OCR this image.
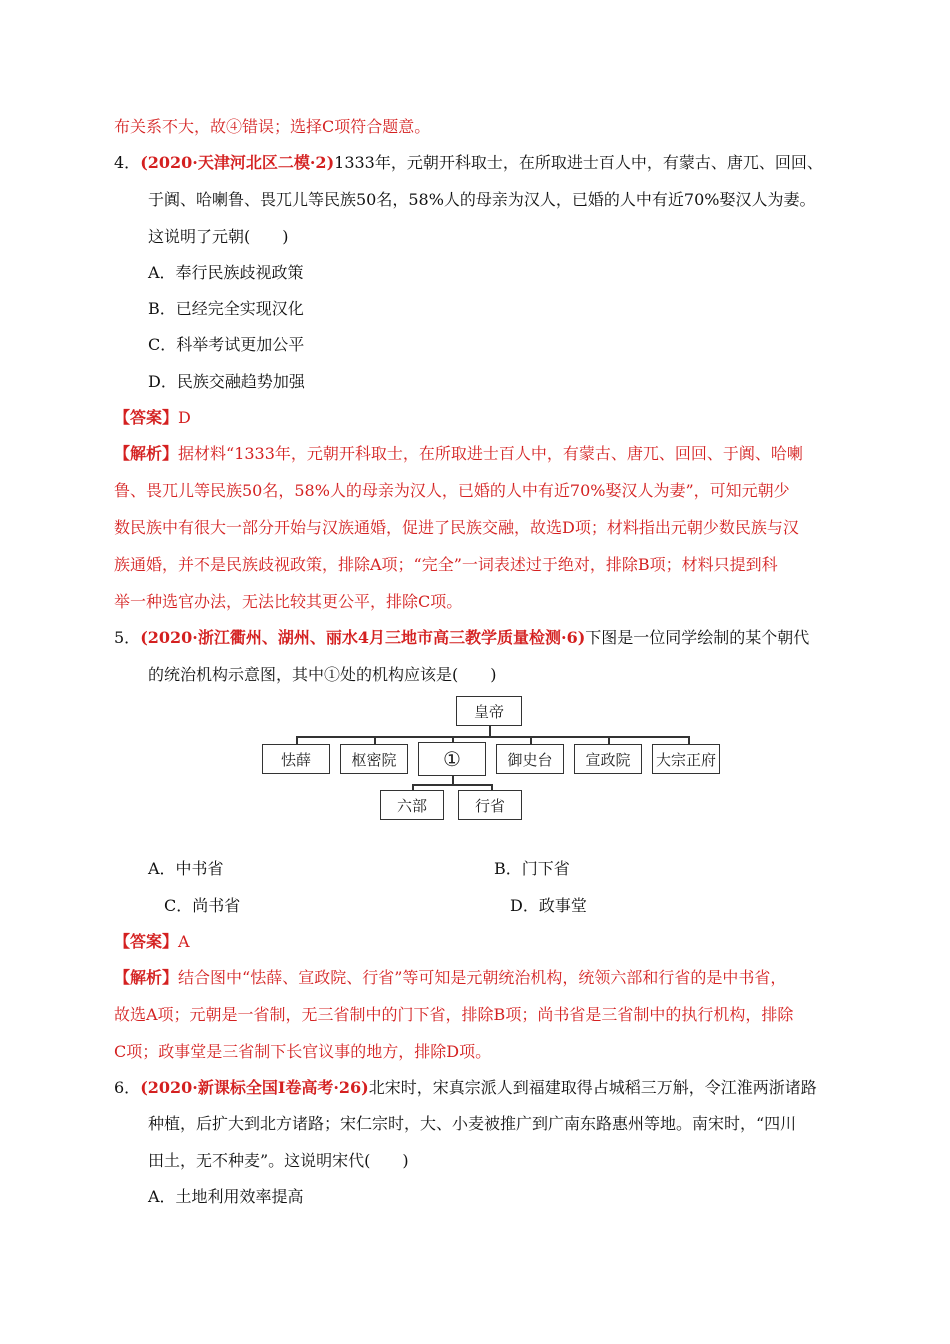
布关系不大，故④错误；选择C项符合题意。
4．(2020·天津河北区二模·2)1333年，元朝开科取士，在所取进士百人中，有蒙古、唐兀、回回、
于阗、哈喇鲁、畏兀儿等民族50名，58%人的母亲为汉人，已婚的人中有近70%娶汉人为妻。
这说明了元朝(　　)
A．奉行民族歧视政策
B．已经完全实现汉化
C．科举考试更加公平
D．民族交融趋势加强
【答案】D
【解析】据材料“1333年，元朝开科取士，在所取进士百人中，有蒙古、唐兀、回回、于阗、哈喇
鲁、畏兀儿等民族50名，58%人的母亲为汉人，已婚的人中有近70%娶汉人为妻”，可知元朝少
数民族中有很大一部分开始与汉族通婚，促进了民族交融，故选D项；材料指出元朝少数民族与汉
族通婚，并不是民族歧视政策，排除A项；“完全”一词表述过于绝对，排除B项；材料只提到科
举一种选官办法，无法比较其更公平，排除C项。
5．(2020·浙江衢州、湖州、丽水4月三地市高三教学质量检测·6)下图是一位同学绘制的某个朝代
的统治机构示意图，其中①处的机构应该是(　　)
皇帝
怯薛	枢密院	①	御史台	宣政院	大宗正府
六部	行省
A．中书省	B．门下省
C．尚书省	D．政事堂
【答案】A
【解析】结合图中“怯薛、宣政院、行省”等可知是元朝统治机构，统领六部和行省的是中书省，
故选A项；元朝是一省制，无三省制中的门下省，排除B项；尚书省是三省制中的执行机构，排除
C项；政事堂是三省制下长官议事的地方，排除D项。
6．(2020·新课标全国Ⅰ卷高考·26)北宋时，宋真宗派人到福建取得占城稻三万斛，令江淮两浙诸路
种植，后扩大到北方诸路；宋仁宗时，大、小麦被推广到广南东路惠州等地。南宋时，“四川
田土，无不种麦”。这说明宋代(　　)
A．土地利用效率提高
